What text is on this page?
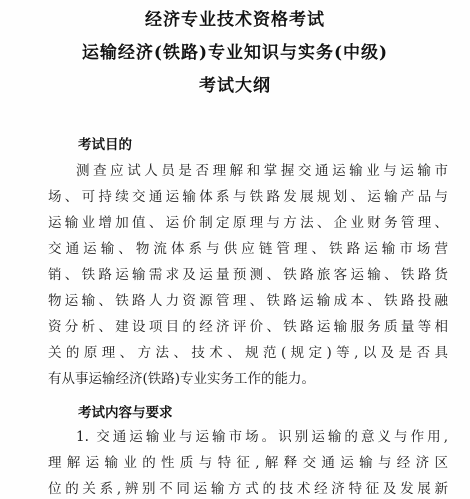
经济专业技术资格考试
运输经济(铁路)专业知识与实务(中级)
考试大纲
考试目的
测查应试人员是否理解和掌握交通运输业与运输市
场、可持续交通运输体系与铁路发展规划、运输产品与
运输业增加值、运价制定原理与方法、企业财务管理、
交通运输、物流体系与供应链管理、铁路运输市场营
销、铁路运输需求及运量预测、铁路旅客运输、铁路货
物运输、铁路人力资源管理、铁路运输成本、铁路投融
资分析、建设项目的经济评价、铁路运输服务质量等相
关的原理、方法、技术、规范(规定)等,以及是否具
有从事运输经济(铁路)专业实务工作的能力。
考试内容与要求
1. 交通运输业与运输市场。识别运输的意义与作用,
理解运输业的性质与特征,解释交通运输与经济区
位的关系,辨别不同运输方式的技术经济特征及发展新
